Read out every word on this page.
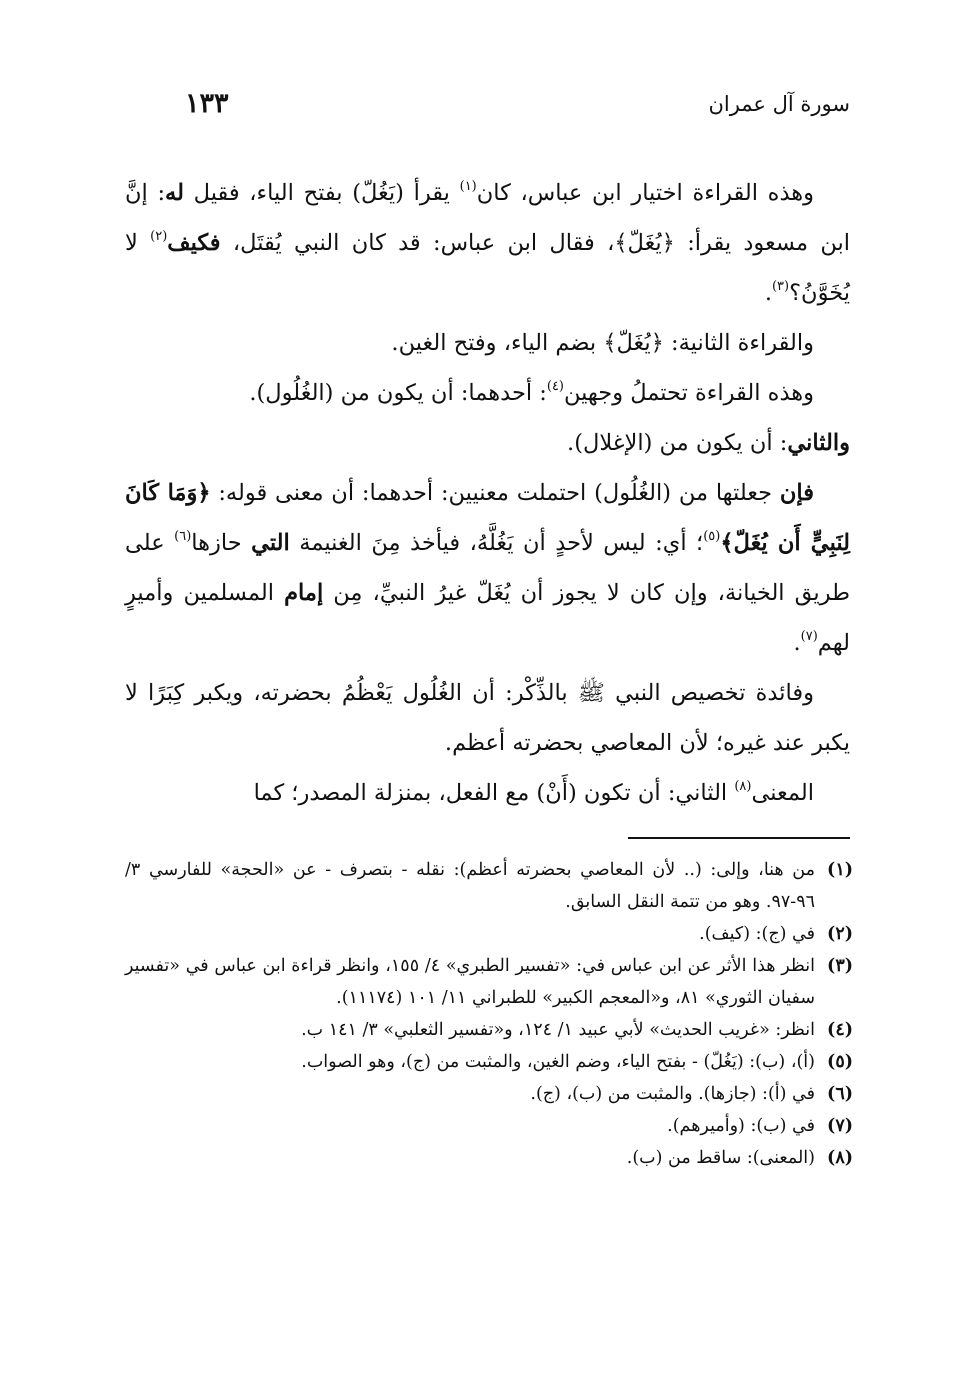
١٣٣	سورة آل عمران

وهذه القراءة اختيار ابن عباس، كان$^{(١)}$ يقرأ (يَغُلّ) بفتح الياء، فقيل له: إنَّ ابن مسعود يقرأ: ﴿يُغَلّ﴾، فقال ابن عباس: قد كان النبي يُقتَل، فكيف$^{(٢)}$ لا يُخَوَّنُ؟$^{(٣)}$.

والقراءة الثانية: ﴿يُغَلّ﴾ بضم الياء، وفتح الغين.

وهذه القراءة تحتملُ وجهين$^{(٤)}$: أحدهما: أن يكون من (الغُلُول).

والثاني: أن يكون من (الإغلال).

فإن جعلتها من (الغُلُول) احتملت معنيين: أحدهما: أن معنى قوله: ﴿وَمَا كَانَ لِنَبِيٍّ أَن يُغَلّ﴾$^{(٥)}$؛ أي: ليس لأحدٍ أن يَغُلَّهُ، فيأخذ مِنَ الغنيمة التي حازها$^{(٦)}$ على طريق الخيانة، وإن كان لا يجوز أن يُغَلّ غيرُ النبيِّ، مِن إمام المسلمين وأميرٍ لهم$^{(٧)}$.

وفائدة تخصيص النبي ﷺ بالذِّكْر: أن الغُلُول يَعْظُمُ بحضرته، ويكبر كِبَرًا لا يكبر عند غيره؛ لأن المعاصي بحضرته أعظم.

المعنى$^{(٨)}$ الثاني: أن تكون (أَنْ) مع الفعل، بمنزلة المصدر؛ كما

(١)
من هنا، وإلى: (.. لأن المعاصي بحضرته أعظم): نقله - بتصرف - عن «الحجة» للفارسي ٣/ ٩٦-٩٧. وهو من تتمة النقل السابق.
(٢)
في (ج): (كيف).
(٣)
انظر هذا الأثر عن ابن عباس في: «تفسير الطبري» ٤/ ١٥٥، وانظر قراءة ابن عباس في «تفسير سفيان الثوري» ٨١، و«المعجم الكبير» للطبراني ١١/ ١٠١ (١١١٧٤).
(٤)
انظر: «غريب الحديث» لأبي عبيد ١/ ١٢٤، و«تفسير الثعلبي» ٣/ ١٤١ ب.
(٥)
(أ)، (ب): (يَغُلّ) - بفتح الياء، وضم الغين، والمثبت من (ج)، وهو الصواب.
(٦)
في (أ): (جازها). والمثبت من (ب)، (ج).
(٧)
في (ب): (وأميرهم).
(٨)
(المعنى): ساقط من (ب).
